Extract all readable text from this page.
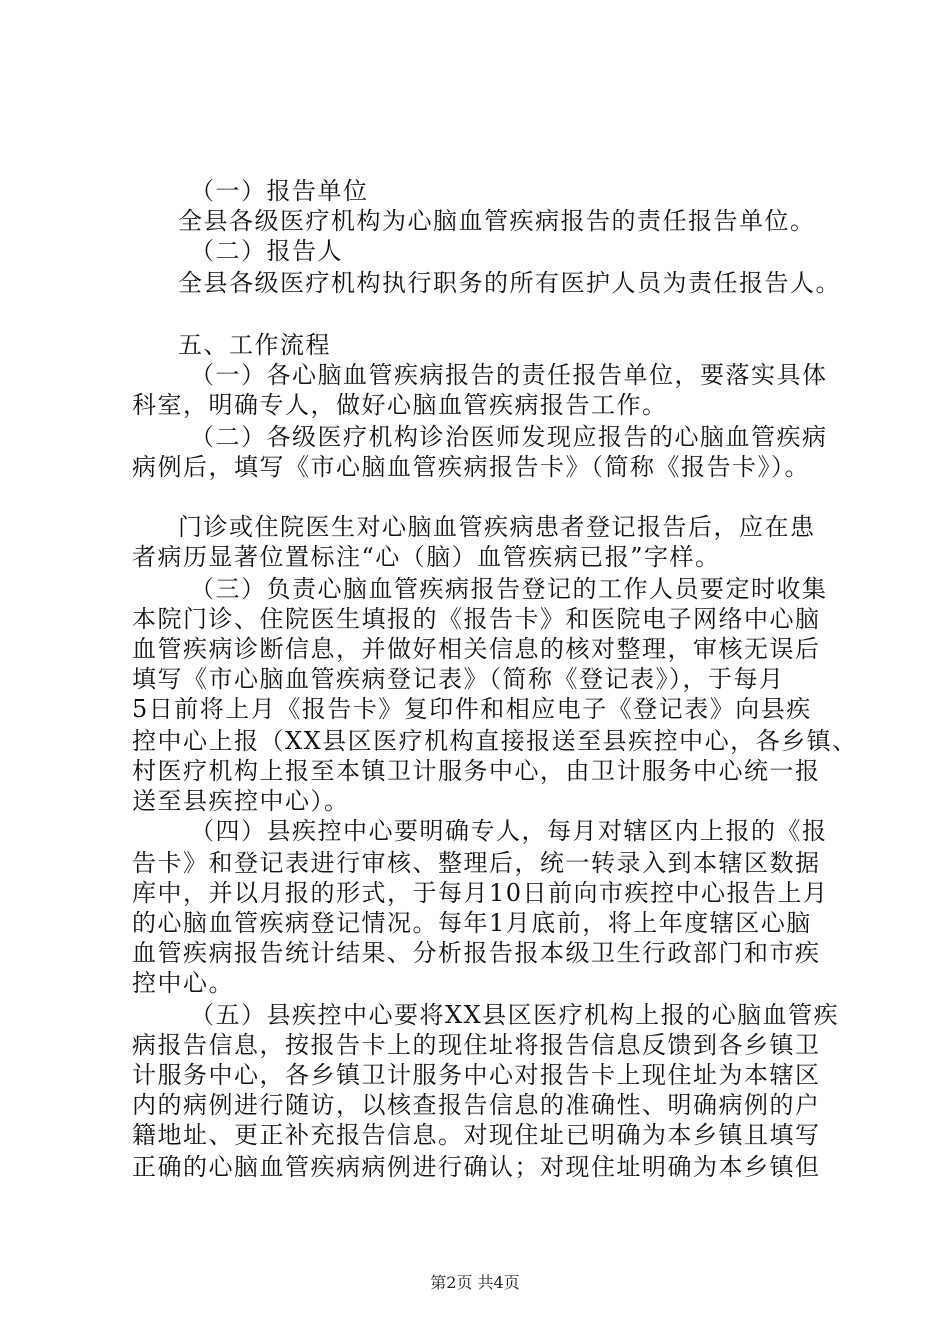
（一）报告单位
全县各级医疗机构为心脑血管疾病报告的责任报告单位。
（二）报告人
全县各级医疗机构执行职务的所有医护人员为责任报告人。
五、工作流程
（一）各心脑血管疾病报告的责任报告单位，要落实具体
科室，明确专人，做好心脑血管疾病报告工作。
（二）各级医疗机构诊治医师发现应报告的心脑血管疾病
病例后，填写《市心脑血管疾病报告卡》（简称《报告卡》）。
门诊或住院医生对心脑血管疾病患者登记报告后，应在患
者病历显著位置标注“心（脑）血管疾病已报”字样。
（三）负责心脑血管疾病报告登记的工作人员要定时收集
本院门诊、住院医生填报的《报告卡》和医院电子网络中心脑
血管疾病诊断信息，并做好相关信息的核对整理，审核无误后
填写《市心脑血管疾病登记表》（简称《登记表》），于每月
5日前将上月《报告卡》复印件和相应电子《登记表》向县疾
控中心上报（XX县区医疗机构直接报送至县疾控中心，各乡镇、
村医疗机构上报至本镇卫计服务中心，由卫计服务中心统一报
送至县疾控中心）。
（四）县疾控中心要明确专人，每月对辖区内上报的《报
告卡》和登记表进行审核、整理后，统一转录入到本辖区数据
库中，并以月报的形式，于每月10日前向市疾控中心报告上月
的心脑血管疾病登记情况。每年1月底前，将上年度辖区心脑
血管疾病报告统计结果、分析报告报本级卫生行政部门和市疾
控中心。
（五）县疾控中心要将XX县区医疗机构上报的心脑血管疾
病报告信息，按报告卡上的现住址将报告信息反馈到各乡镇卫
计服务中心，各乡镇卫计服务中心对报告卡上现住址为本辖区
内的病例进行随访，以核查报告信息的准确性、明确病例的户
籍地址、更正补充报告信息。对现住址已明确为本乡镇且填写
正确的心脑血管疾病病例进行确认；对现住址明确为本乡镇但
第2页 共4页
